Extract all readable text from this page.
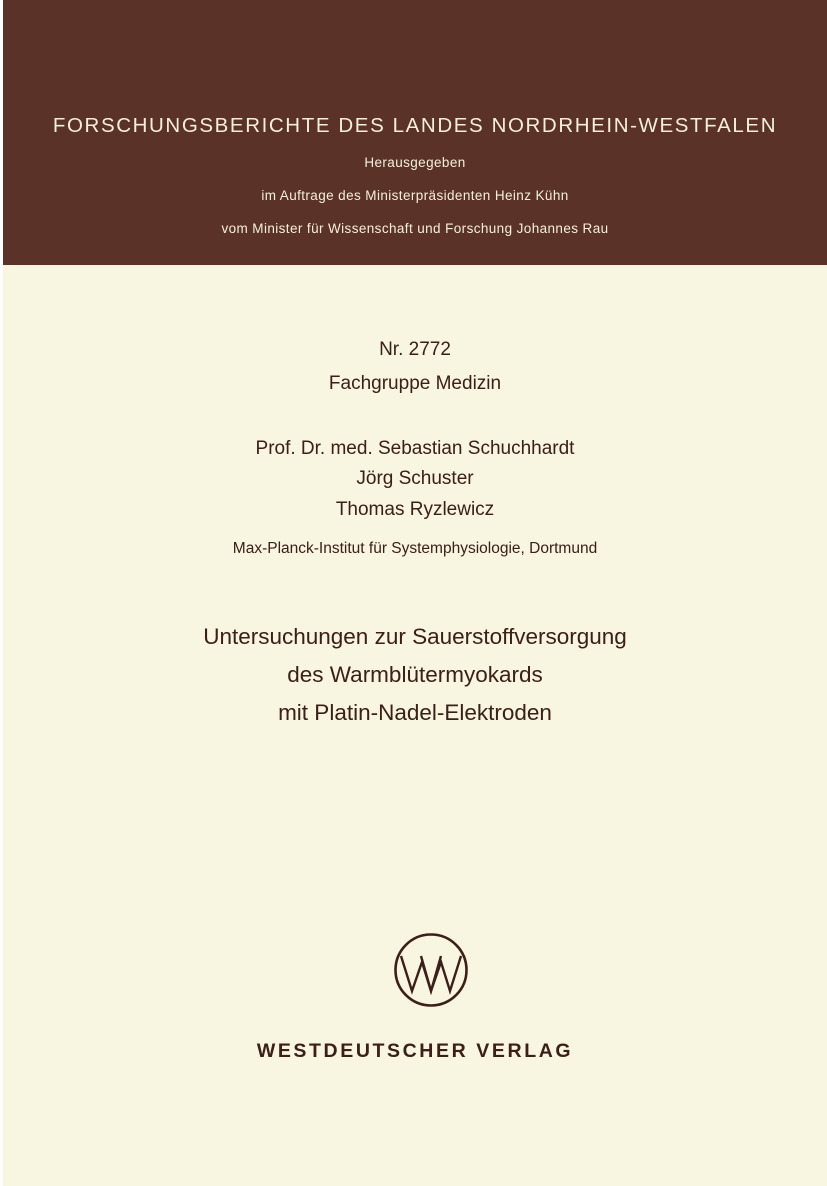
FORSCHUNGSBERICHTE DES LANDES NORDRHEIN-WESTFALEN
Herausgegeben
im Auftrage des Ministerpräsidenten Heinz Kühn
vom Minister für Wissenschaft und Forschung Johannes Rau
Nr. 2772
Fachgruppe Medizin
Prof. Dr. med. Sebastian Schuchhardt
Jörg Schuster
Thomas Ryzlewicz
Max-Planck-Institut für Systemphysiologie, Dortmund
Untersuchungen zur Sauerstoffversorgung
des Warmblütermyokards
mit Platin-Nadel-Elektroden
WESTDEUTSCHER VERLAG
